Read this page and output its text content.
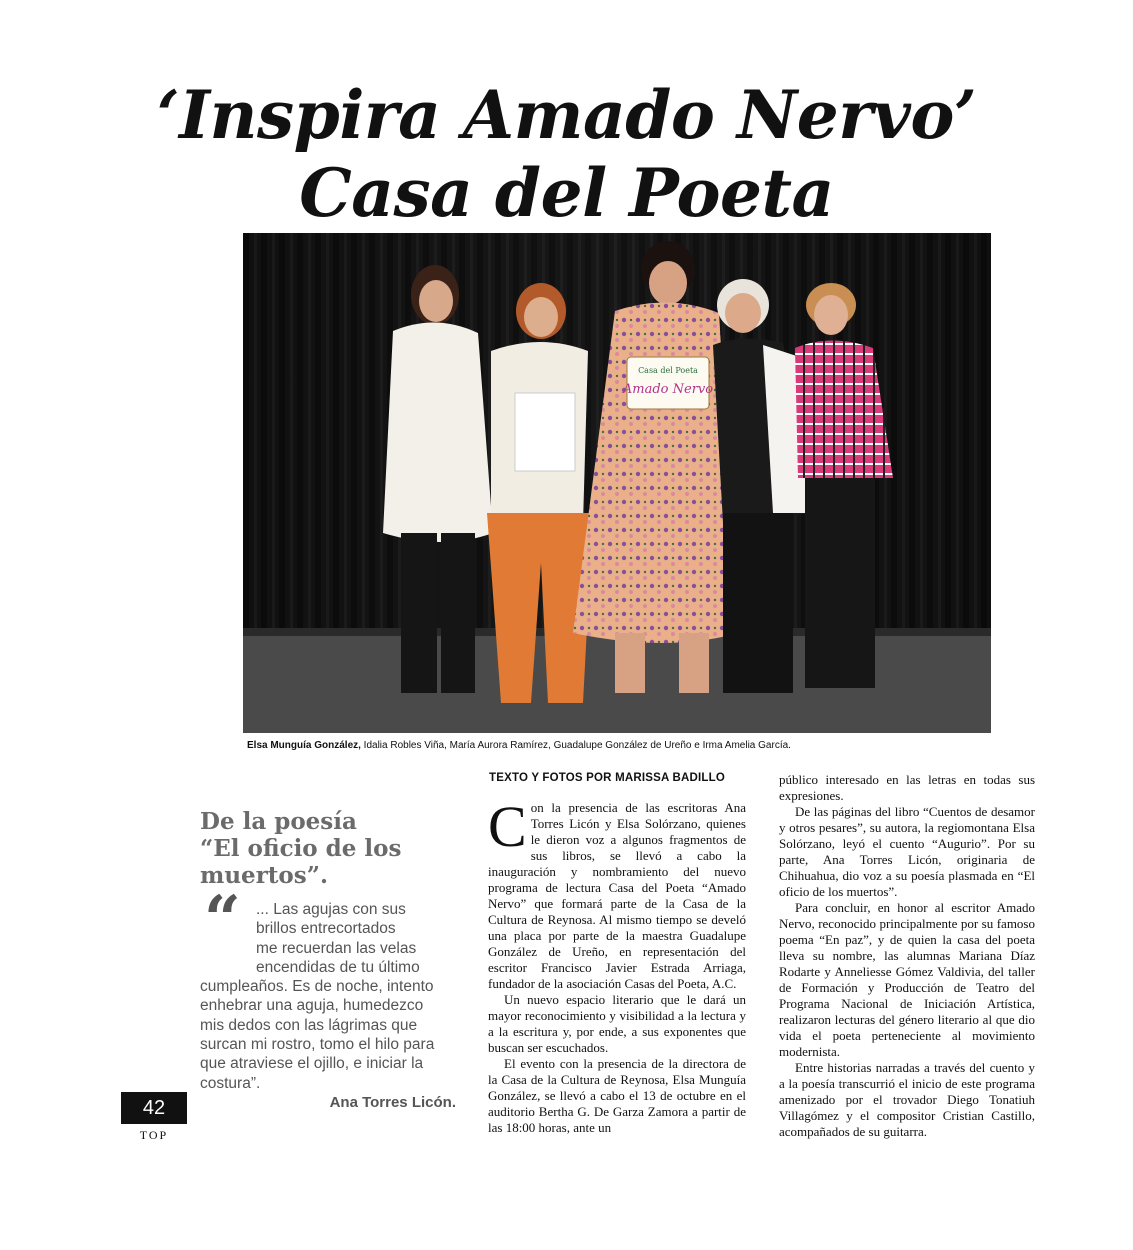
‘Inspira Amado Nervo’
Casa del Poeta
Casa del Poeta
Amado Nervo
Elsa Munguía González, Idalia Robles Viña, María Aurora Ramírez, Guadalupe González de Ureño e Irma Amelia García.
TEXTO Y FOTOS POR MARISSA BADILLO

Con la presencia de las escritoras Ana Torres Licón y Elsa Solórzano, quienes le dieron voz a algunos fragmentos de sus libros, se llevó a cabo la inauguración y nombramiento del nuevo programa de lectura Casa del Poeta “Amado Nervo” que formará parte de la Casa de la Cultura de Reynosa. Al mismo tiempo se develó una placa por parte de la maestra Guadalupe González de Ureño, en representación del escritor Francisco Javier Estrada Arriaga, fundador de la asociación Casas del Poeta, A.C.

Un nuevo espacio literario que le dará un mayor reconocimiento y visibilidad a la lectura y a la escritura y, por ende, a sus exponentes que buscan ser escuchados.

El evento con la presencia de la directora de la Casa de la Cultura de Reynosa, Elsa Munguía González, se llevó a cabo el 13 de octubre en el auditorio Bertha G. De Garza Zamora a partir de las 18:00 horas, ante un

público interesado en las letras en todas sus expresiones.

De las páginas del libro “Cuentos de desamor y otros pesares”, su autora, la regiomontana Elsa Solórzano, leyó el cuento “Augurio”. Por su parte, Ana Torres Licón, originaria de Chihuahua, dio voz a su poesía plasmada en “El oficio de los muertos”.

Para concluir, en honor al escritor Amado Nervo, reconocido principalmente por su famoso poema “En paz”, y de quien la casa del poeta lleva su nombre, las alumnas Mariana Díaz Rodarte y Anneliesse Gómez Valdivia, del taller de Formación y Producción de Teatro del Programa Nacional de Iniciación Artística, realizaron lecturas del género literario al que dio vida el poeta perteneciente al movimiento modernista.

Entre historias narradas a través del cuento y a la poesía transcurrió el inicio de este programa amenizado por el trovador Diego Tonatiuh Villagómez y el compositor Cristian Castillo, acompañados de su guitarra.

De la poesía
“El oficio de los
muertos”.
“ ... Las agujas con sus
brillos entrecortados
me recuerdan las velas
encendidas de tu último
cumpleaños. Es de noche, intento
enhebrar una aguja, humedezco
mis dedos con las lágrimas que
surcan mi rostro, tomo el hilo para
que atraviese el ojillo, e iniciar la
costura”.
Ana Torres Licón.
42
TOP
